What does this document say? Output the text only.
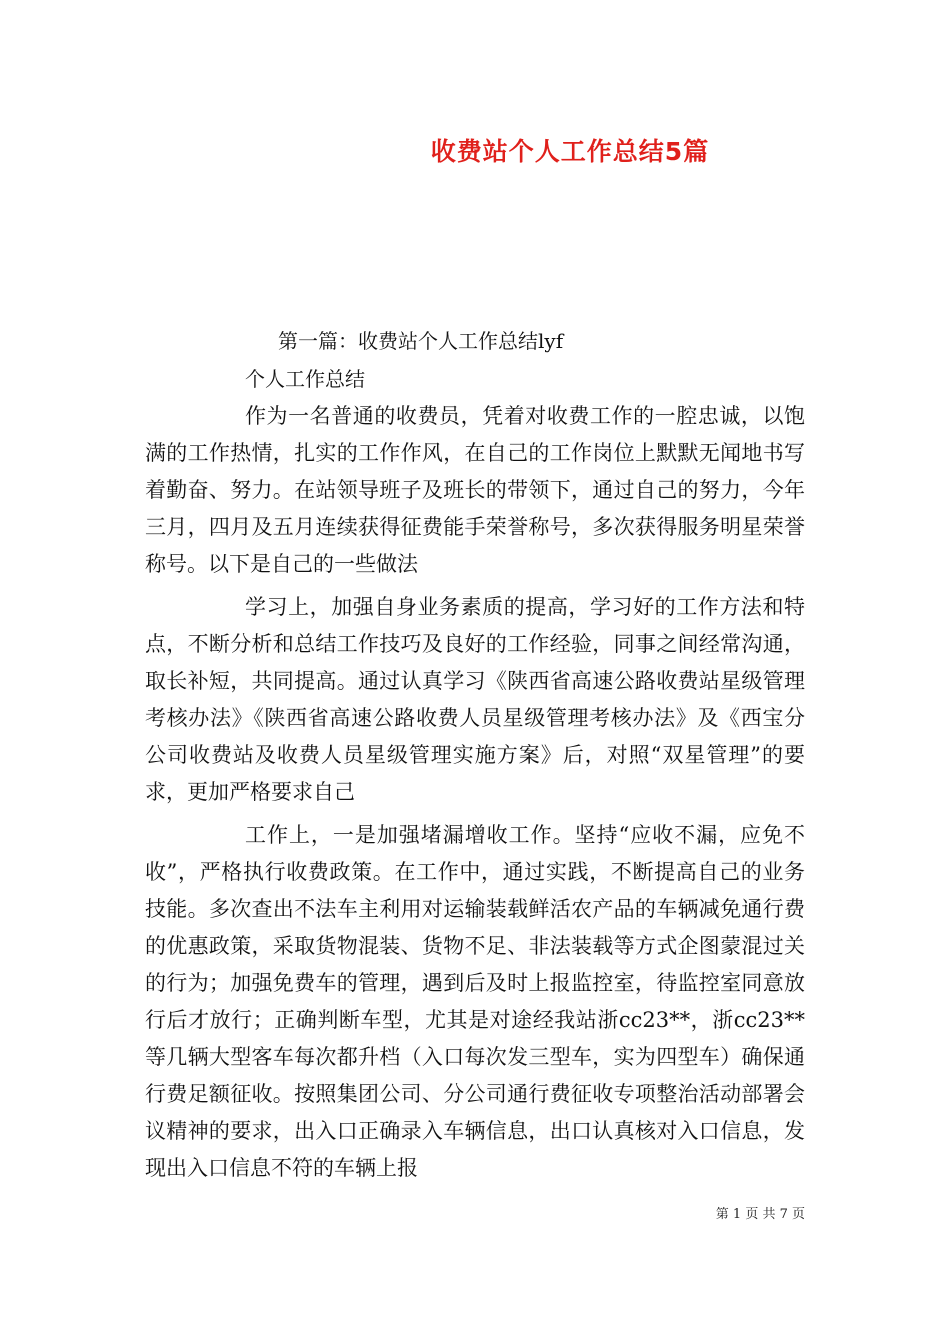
收费站个人工作总结5篇

第一篇：收费站个人工作总结lyf

个人工作总结

作为一名普通的收费员，凭着对收费工作的一腔忠诚，以饱满的工作热情，扎实的工作作风，在自己的工作岗位上默默无闻地书写着勤奋、努力。在站领导班子及班长的带领下，通过自己的努力，今年三月，四月及五月连续获得征费能手荣誉称号，多次获得服务明星荣誉称号。以下是自己的一些做法

学习上，加强自身业务素质的提高，学习好的工作方法和特点，不断分析和总结工作技巧及良好的工作经验，同事之间经常沟通，取长补短，共同提高。通过认真学习《陕西省高速公路收费站星级管理考核办法》《陕西省高速公路收费人员星级管理考核办法》及《西宝分公司收费站及收费人员星级管理实施方案》后，对照“双星管理”的要求，更加严格要求自己

工作上，一是加强堵漏增收工作。坚持“应收不漏，应免不收”，严格执行收费政策。在工作中，通过实践，不断提高自己的业务技能。多次查出不法车主利用对运输装载鲜活农产品的车辆减免通行费的优惠政策，采取货物混装、货物不足、非法装载等方式企图蒙混过关的行为；加强免费车的管理，遇到后及时上报监控室，待监控室同意放行后才放行；正确判断车型，尤其是对途经我站浙cc23**，浙cc23**等几辆大型客车每次都升档（入口每次发三型车，实为四型车）确保通行费足额征收。按照集团公司、分公司通行费征收专项整治活动部署会议精神的要求，出入口正确录入车辆信息，出口认真核对入口信息，发现出入口信息不符的车辆上报

第 1 页 共 7 页
